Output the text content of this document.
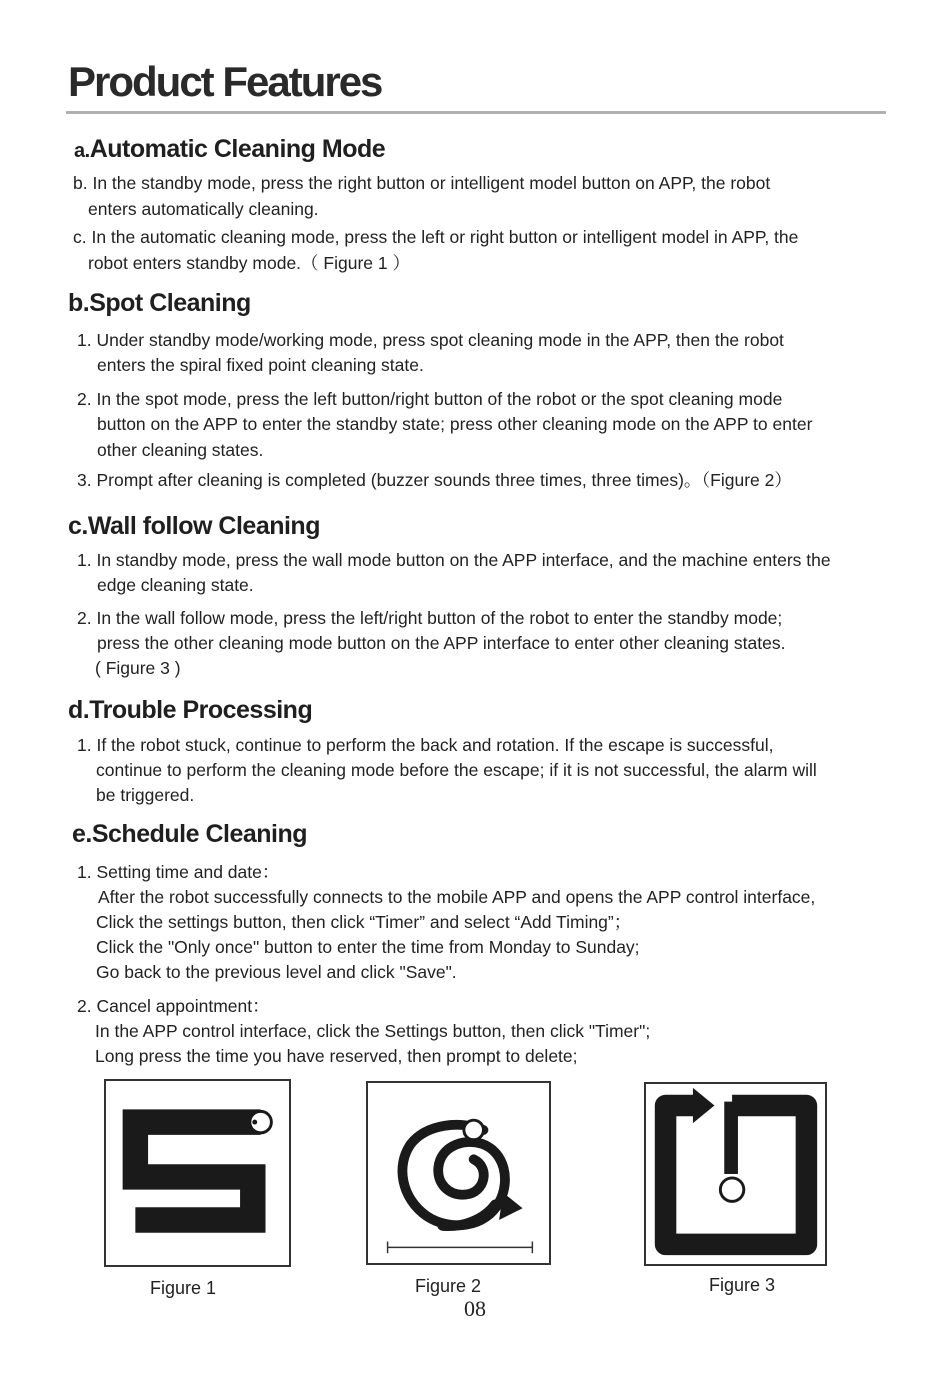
Product Features
a.Automatic Cleaning Mode

b. In the standby mode, press the right button or intelligent model button on APP, the robot

enters automatically cleaning.

c. In the automatic cleaning mode, press the left or right button or intelligent model in APP, the

robot enters standby mode.（ Figure 1 ）

b.Spot Cleaning

1. Under standby mode/working mode, press spot cleaning mode in the APP, then the robot

enters the spiral fixed point cleaning state.

2. In the spot mode, press the left button/right button of the robot or the spot cleaning mode

button on the APP to enter the standby state; press other cleaning mode on the APP to enter

other cleaning states.

3. Prompt after cleaning is completed (buzzer sounds three times, three times)。（Figure 2）

c.Wall follow Cleaning

1. In standby mode, press the wall mode button on the APP interface, and the machine enters the

edge cleaning state.

2. In the wall follow mode, press the left/right button of the robot to enter the standby mode;

press the other cleaning mode button on the APP interface to enter other cleaning states.

( Figure 3 )

d.Trouble Processing

1. If the robot stuck, continue to perform the back and rotation. If the escape is successful,

continue to perform the cleaning mode before the escape; if it is not successful, the alarm will

be triggered.

e.Schedule Cleaning

1. Setting time and date：

After the robot successfully connects to the mobile APP and opens the APP control interface,

Click the settings button, then click “Timer” and select “Add Timing”；

Click the "Only once" button to enter the time from Monday to Sunday;

Go back to the previous level and click "Save".

2. Cancel appointment：

In the APP control interface, click the Settings button, then click "Timer";

Long press the time you have reserved, then prompt to delete;

Figure 1	Figure 2	Figure 3
08
